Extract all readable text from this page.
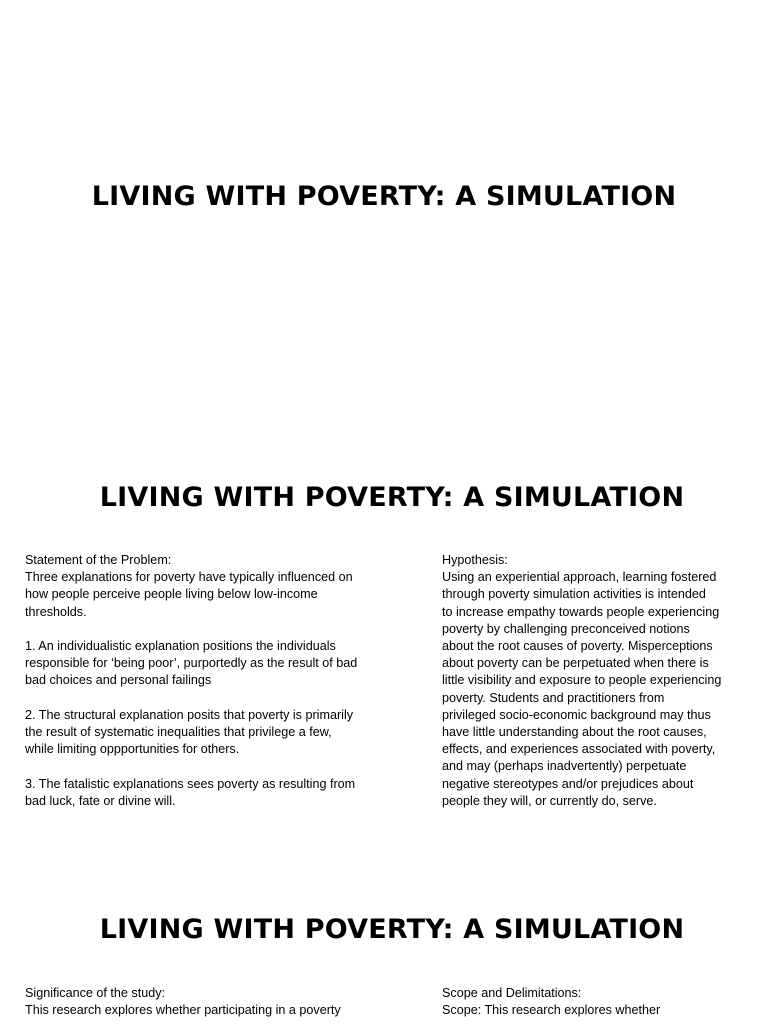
LIVING WITH POVERTY: A SIMULATION
LIVING WITH POVERTY: A SIMULATION
Statement of the Problem:
Three explanations for poverty have typically influenced on
how people perceive people living below low-income
thresholds.

1. An individualistic explanation positions the individuals
responsible for ‘being poor’, purportedly as the result of bad
bad choices and personal failings

2. The structural explanation posits that poverty is primarily
the result of systematic inequalities that privilege a few,
while limiting oppportunities for others.

3. The fatalistic explanations sees poverty as resulting from
bad luck, fate or divine will.
Hypothesis:
Using an experiential approach, learning fostered
through poverty simulation activities is intended
to increase empathy towards people experiencing
poverty by challenging preconceived notions
about the root causes of poverty. Misperceptions
about poverty can be perpetuated when there is
little visibility and exposure to people experiencing
poverty. Students and practitioners from
privileged socio-economic background may thus
have little understanding about the root causes,
effects, and experiences associated with poverty,
and may (perhaps inadvertently) perpetuate
negative stereotypes and/or prejudices about
people they will, or currently do, serve.
LIVING WITH POVERTY: A SIMULATION
Significance of the study:
This research explores whether participating in a poverty
Scope and Delimitations:
Scope: This research explores whether
